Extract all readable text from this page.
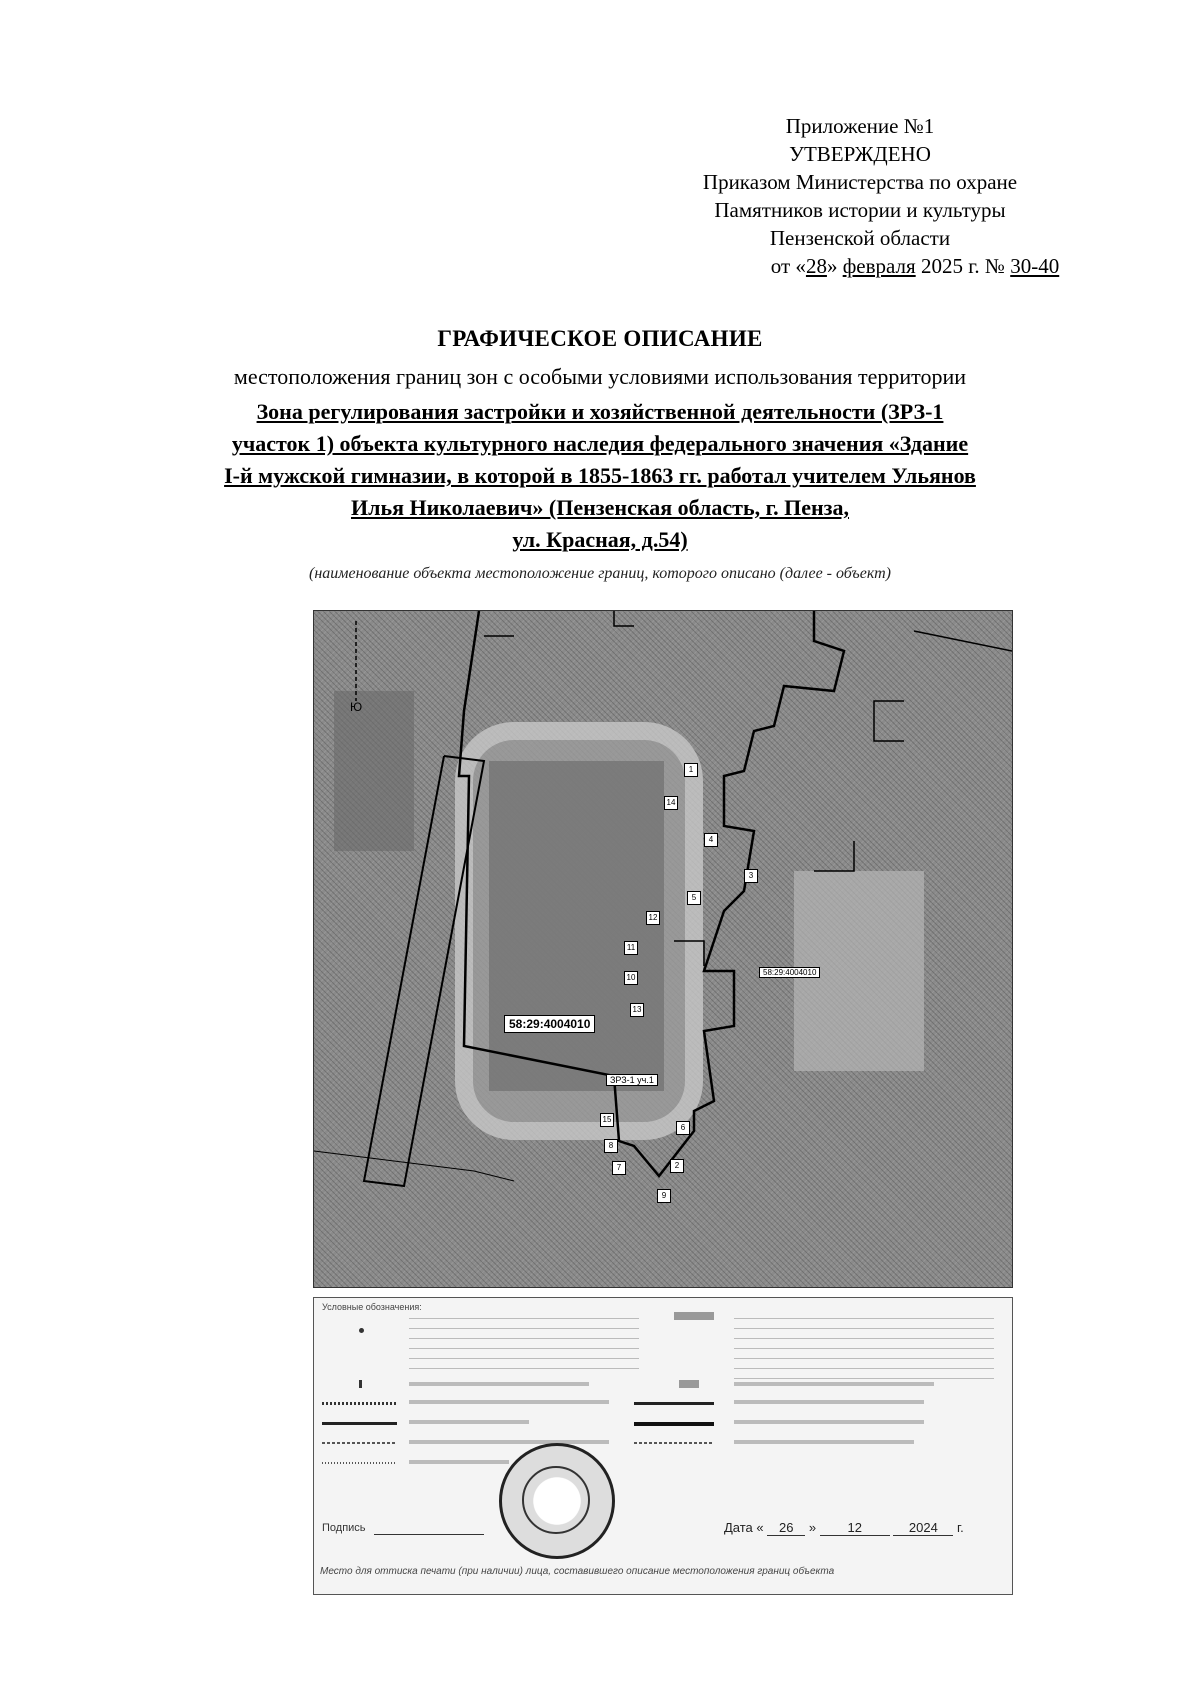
Приложение №1
УТВЕРЖДЕНО
Приказом Министерства по охране
Памятников истории и культуры
Пензенской области
от «28» февраля 2025 г. № 30-40
ГРАФИЧЕСКОЕ ОПИСАНИЕ
местоположения границ зон с особыми условиями использования территории
Зона регулирования застройки и хозяйственной деятельности (ЗРЗ-1
участок 1) объекта культурного наследия федерального значения «Здание
I-й мужской гимназии, в которой в 1855-1863 гг. работал учителем Ульянов
Илья Николаевич» (Пензенская область, г. Пенза,
ул. Красная, д.54)
(наименование объекта местоположение границ, которого описано (далее - объект)
Ю
58:29:4004010
ЗРЗ-1 уч.1
58:29:4004010
1
14
4
3
5
12
11
10
13
15
8
7
6
2
9
Условные обозначения:
Подпись	Дата « 26 » 12	2024 г.
Место для оттиска печати (при наличии) лица, составившего описание местоположения границ объекта
